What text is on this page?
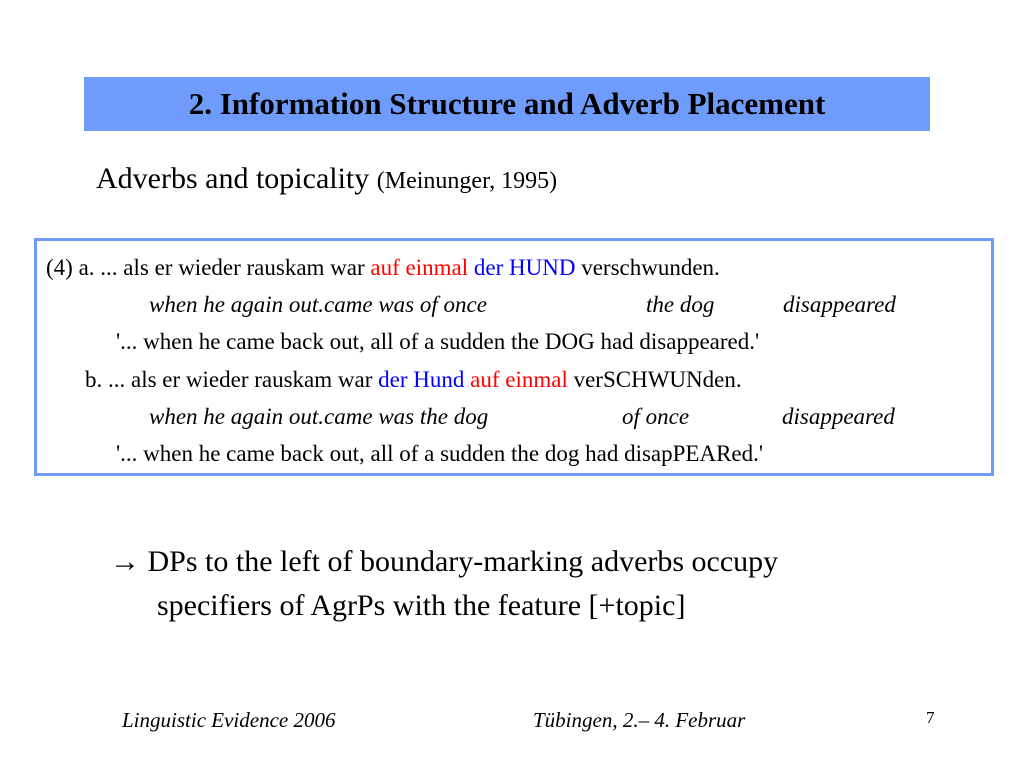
2. Information Structure and Adverb Placement
Adverbs and topicality (Meinunger, 1995)
(4) a. ... als er wieder rauskam war auf einmal der HUND verschwunden.
when he again out.came was of once	the dog	disappeared
'... when he came back out, all of a sudden the DOG had disappeared.'
b. ... als er wieder rauskam war der Hund auf einmal verSCHWUNden.
when he again out.came was the dog	of once	disappeared
'... when he came back out, all of a sudden the dog had disapPEARed.'
→ DPs to the left of boundary-marking adverbs occupy
specifiers of AgrPs with the feature [+topic]
Linguistic Evidence 2006	Tübingen, 2.– 4. Februar	7
